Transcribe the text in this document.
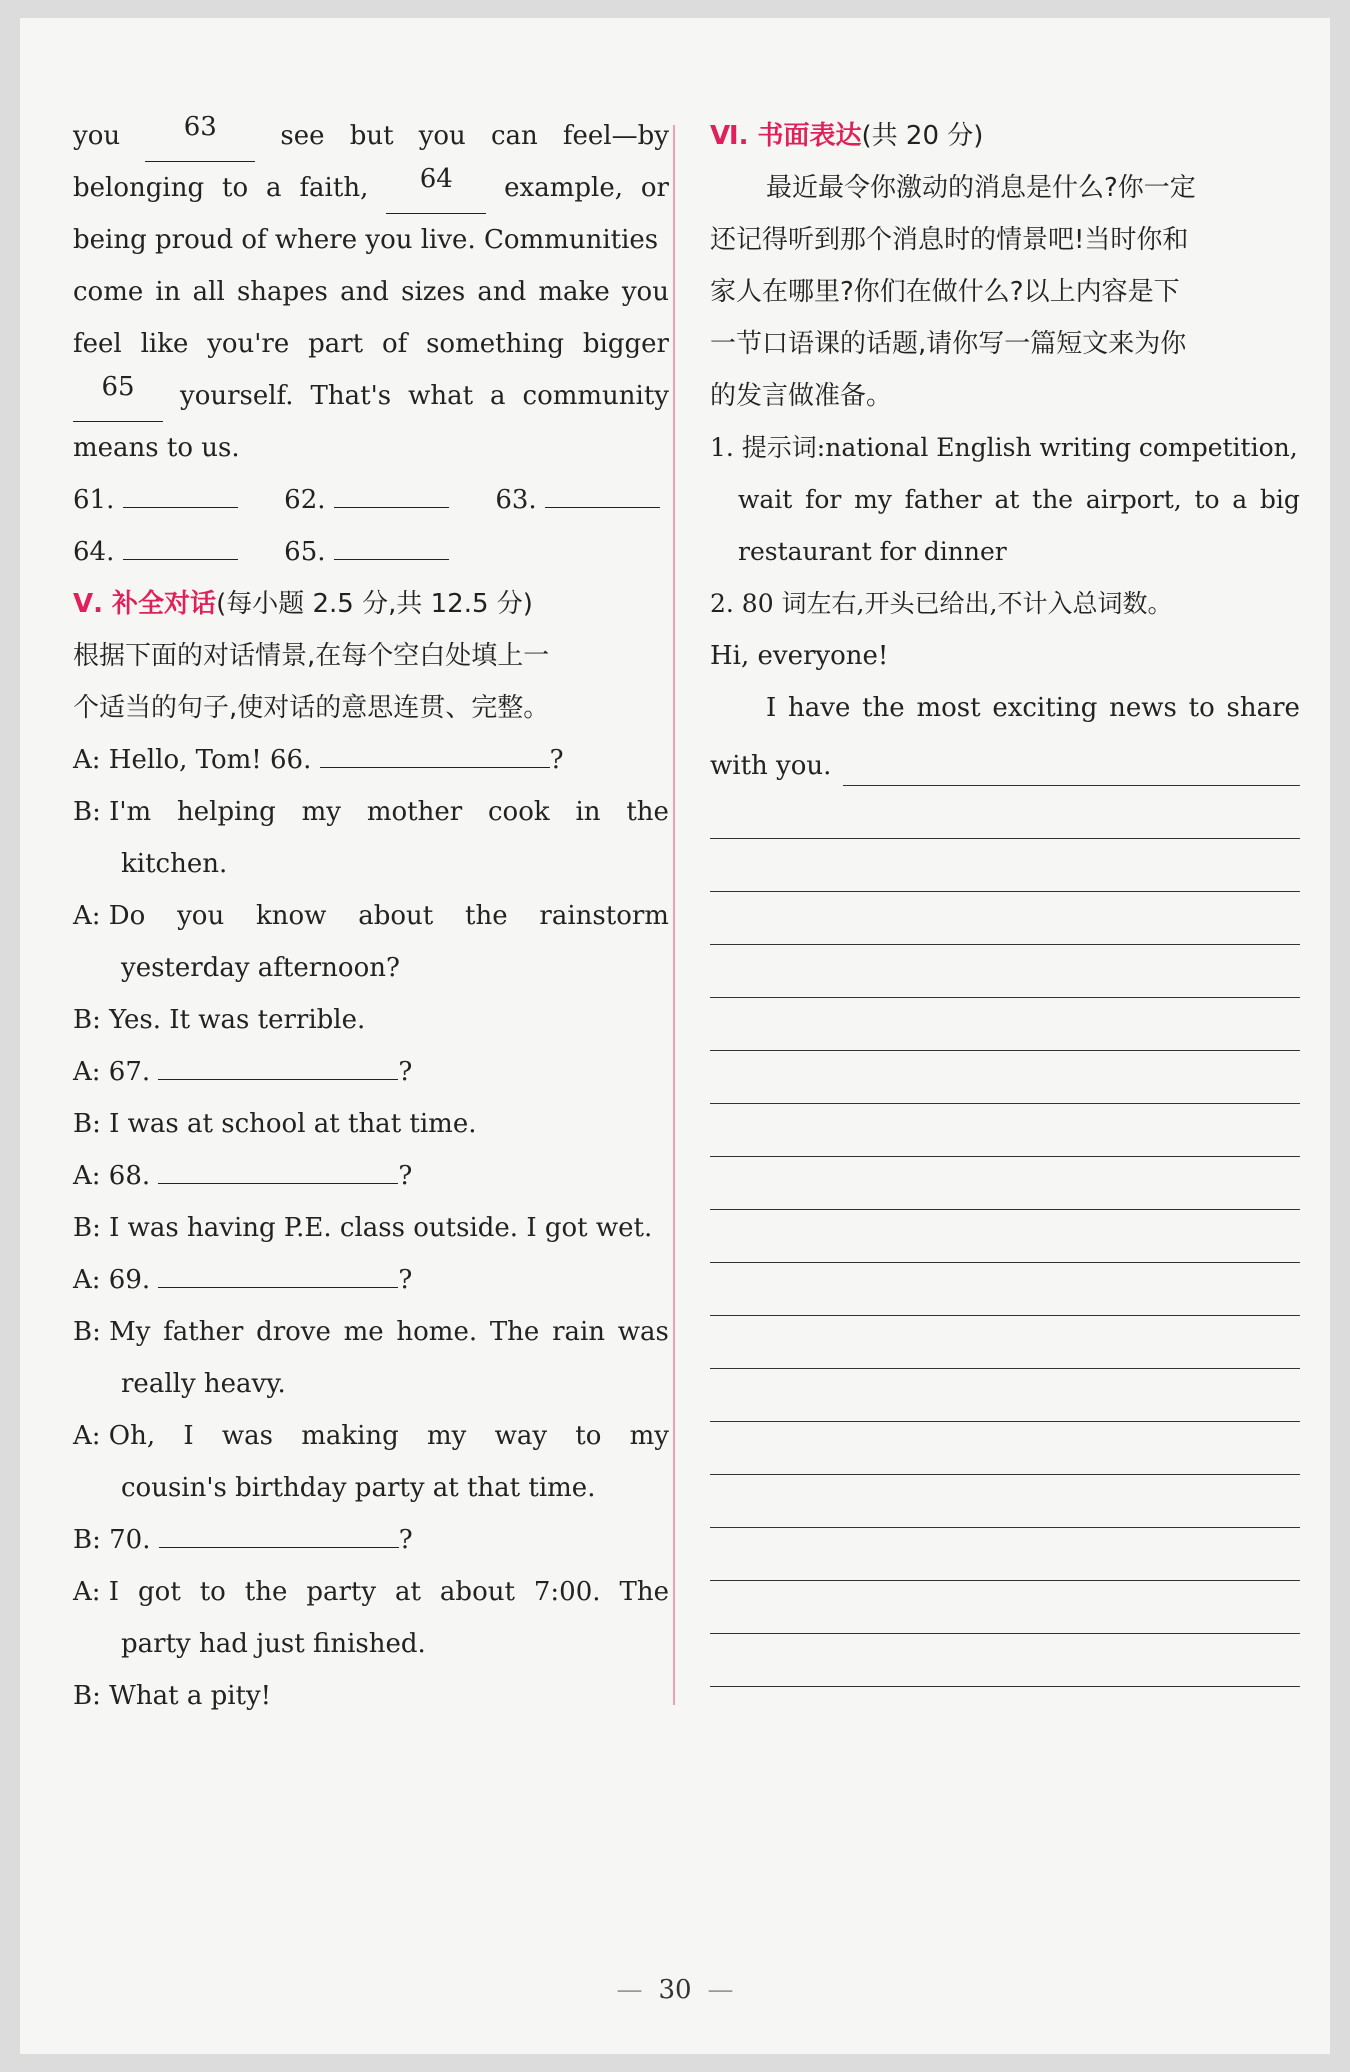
you	63	see but you can feel—by
belonging to a faith,	64	example, or
being proud of where you live. Communities
come in all shapes and sizes and make you
feel like you're part of something bigger
65	yourself. That's what a community
means to us.
61.	62.	63.
64.	65.
Ⅴ. 补全对话(每小题 2.5 分,共 12.5 分)
根据下面的对话情景,在每个空白处填上一
个适当的句子,使对话的意思连贯、完整。
A: Hello, Tom! 66.	?
B: I'm helping my mother cook in the
kitchen.
A: Do you know about the rainstorm
yesterday afternoon?
B: Yes. It was terrible.
A: 67.	?
B: I was at school at that time.
A: 68.	?
B: I was having P.E. class outside. I got wet.
A: 69.	?
B: My father drove me home. The rain was
really heavy.
A: Oh, I was making my way to my
cousin's birthday party at that time.
B: 70.	?
A: I got to the party at about 7:00. The
party had just finished.
B: What a pity!
Ⅵ. 书面表达(共 20 分)
最近最令你激动的消息是什么?你一定
还记得听到那个消息时的情景吧!当时你和
家人在哪里?你们在做什么?以上内容是下
一节口语课的话题,请你写一篇短文来为你
的发言做准备。
1. 提示词:national English writing competition,
wait for my father at the airport, to a big
restaurant for dinner
2. 80 词左右,开头已给出,不计入总词数。
Hi, everyone!
I have the most exciting news to share
with you.
— 30 —
